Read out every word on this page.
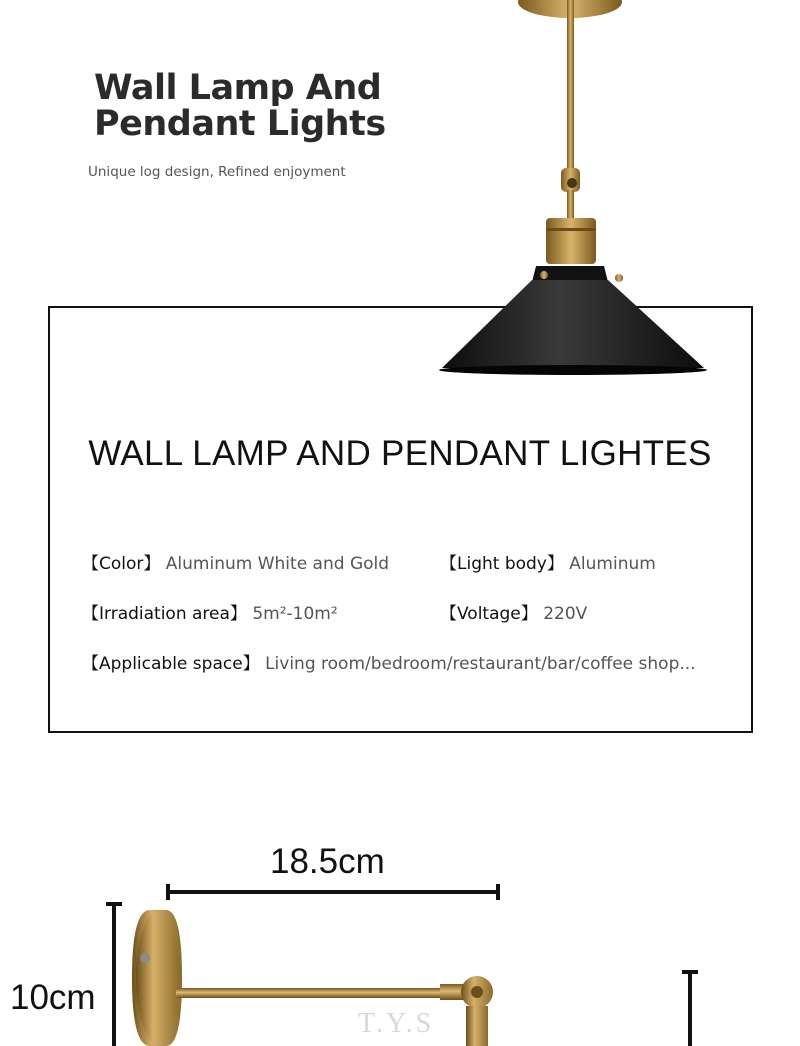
Wall Lamp And
Pendant Lights
Unique log design, Refined enjoyment
WALL LAMP AND PENDANT LIGHTES
【Color】 Aluminum White and Gold	【Light body】 Aluminum
【Irradiation area】 5m²-10m²	【Voltage】 220V
【Applicable space】 Living room/bedroom/restaurant/bar/coffee shop...
18.5cm
10cm
T.Y.S
